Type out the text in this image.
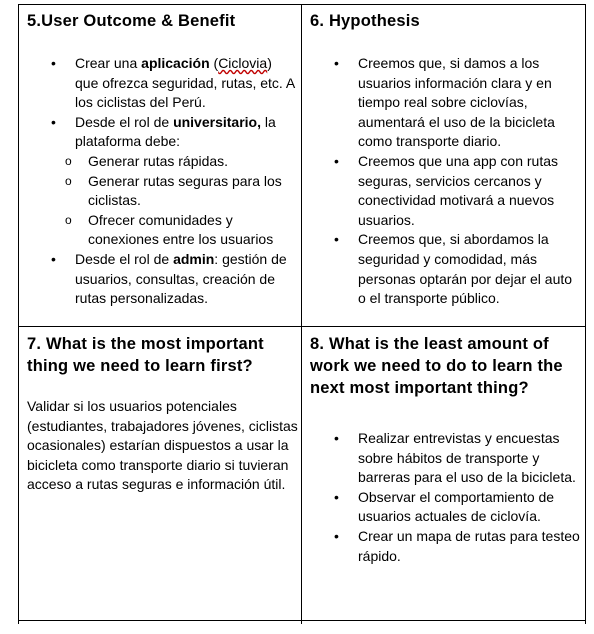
5.User Outcome & Benefit

• Crear una aplicación (Ciclovia) que ofrezca seguridad, rutas, etc. A los ciclistas del Perú.
• Desde el rol de universitario, la plataforma debe:
o Generar rutas rápidas.
o Generar rutas seguras para los ciclistas.
o Ofrecer comunidades y conexiones entre los usuarios
• Desde el rol de admin: gestión de usuarios, consultas, creación de rutas personalizadas.

6. Hypothesis

• Creemos que, si damos a los usuarios información clara y en tiempo real sobre ciclovías, aumentará el uso de la bicicleta como transporte diario.
• Creemos que una app con rutas seguras, servicios cercanos y conectividad motivará a nuevos usuarios.
• Creemos que, si abordamos la seguridad y comodidad, más personas optarán por dejar el auto o el transporte público.

7. What is the most important thing we need to learn first?

Validar si los usuarios potenciales (estudiantes, trabajadores jóvenes, ciclistas ocasionales) estarían dispuestos a usar la bicicleta como transporte diario si tuvieran acceso a rutas seguras e información útil.

8. What is the least amount of work we need to do to learn the next most important thing?

• Realizar entrevistas y encuestas sobre hábitos de transporte y barreras para el uso de la bicicleta.
• Observar el comportamiento de usuarios actuales de ciclovía.
• Crear un mapa de rutas para testeo rápido.
